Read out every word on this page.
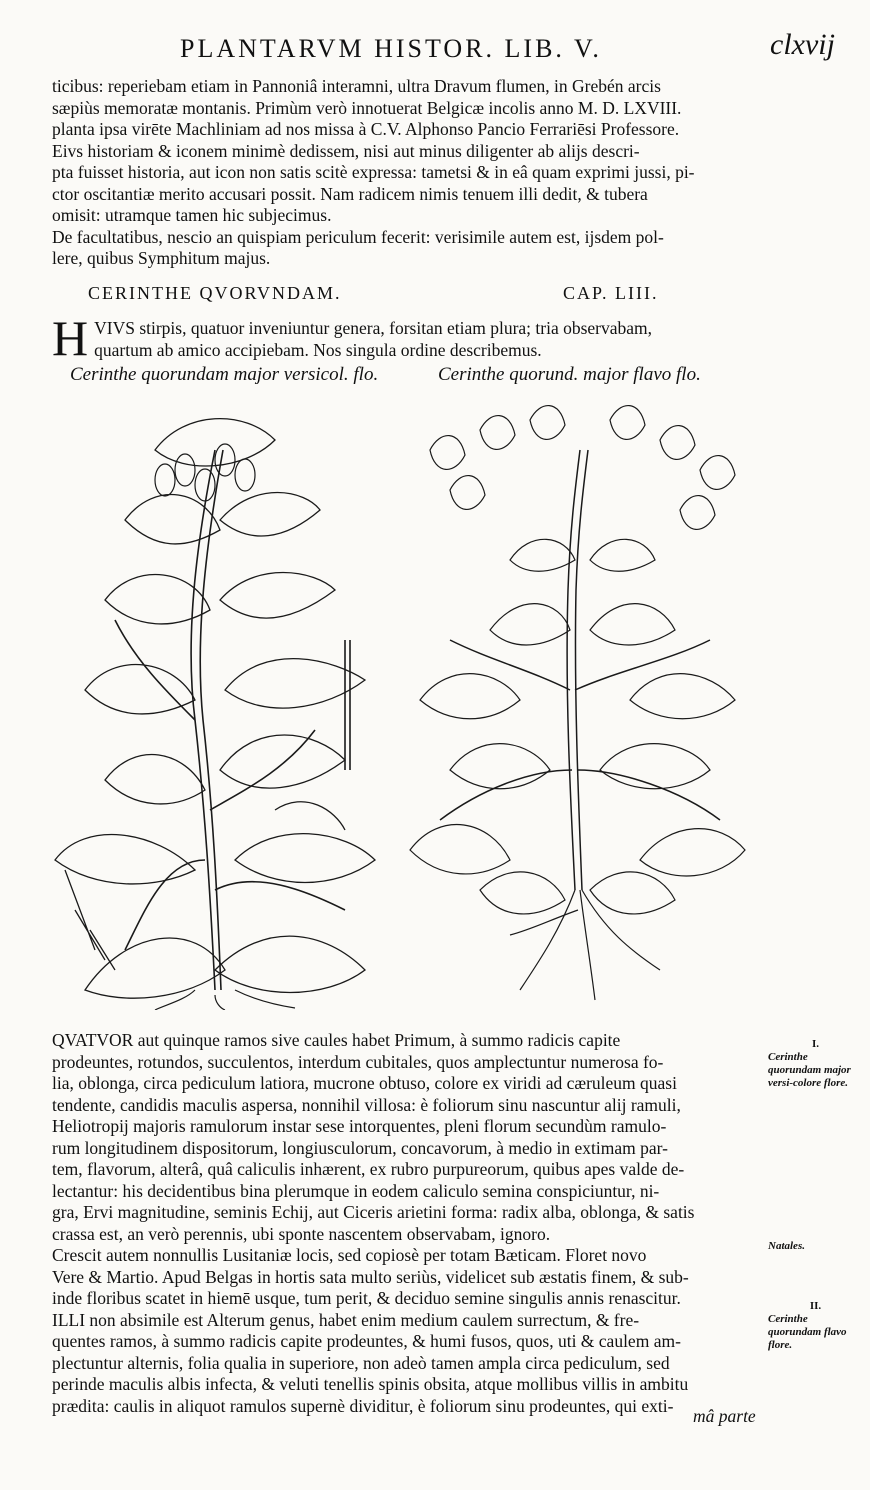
PLANTARVM HISTOR. LIB. V.	clxvij
ticibus: reperiebam etiam in Pannoniâ interamni, ultra Dravum flumen, in Grebén arcis
sæpiùs memoratæ montanis. Primùm verò innotuerat Belgicæ incolis anno M. D. LXVIII.
planta ipsa virēte Machliniam ad nos missa à C.V. Alphonso Pancio Ferrariēsi Professore.
Eivs historiam & iconem minimè dedissem, nisi aut minus diligenter ab alijs descri-
pta fuisset historia, aut icon non satis scitè expressa: tametsi & in eâ quam exprimi jussi, pi-
ctor oscitantiæ merito accusari possit. Nam radicem nimis tenuem illi dedit, & tubera
omisit: utramque tamen hic subjecimus.
De facultatibus, nescio an quispiam periculum fecerit: verisimile autem est, ijsdem pol-
lere, quibus Symphitum majus.
CERINTHE QVORVNDAM.	CAP. LIII.
H VIVS stirpis, quatuor inveniuntur genera, forsitan etiam plura; tria observabam,
quartum ab amico accipiebam. Nos singula ordine describemus.
Cerinthe quorundam major versicol. flo.	Cerinthe quorund. major flavo flo.
QVATVOR aut quinque ramos sive caules habet Primum, à summo radicis capite
prodeuntes, rotundos, succulentos, interdum cubitales, quos amplectuntur numerosa fo-
lia, oblonga, circa pediculum latiora, mucrone obtuso, colore ex viridi ad cæruleum quasi
tendente, candidis maculis aspersa, nonnihil villosa: è foliorum sinu nascuntur alij ramuli,
Heliotropij majoris ramulorum instar sese intorquentes, pleni florum secundùm ramulo-
rum longitudinem dispositorum, longiusculorum, concavorum, à medio in extimam par-
tem, flavorum, alterâ, quâ caliculis inhærent, ex rubro purpureorum, quibus apes valde de-
lectantur: his decidentibus bina plerumque in eodem caliculo semina conspiciuntur, ni-
gra, Ervi magnitudine, seminis Echij, aut Ciceris arietini forma: radix alba, oblonga, & satis
crassa est, an verò perennis, ubi sponte nascentem observabam, ignoro.
Crescit autem nonnullis Lusitaniæ locis, sed copiosè per totam Bæticam. Floret novo
Vere & Martio. Apud Belgas in hortis sata multo seriùs, videlicet sub æstatis finem, & sub-
inde floribus scatet in hiemē usque, tum perit, & deciduo semine singulis annis renascitur.
ILLI non absimile est Alterum genus, habet enim medium caulem surrectum, & fre-
quentes ramos, à summo radicis capite prodeuntes, & humi fusos, quos, uti & caulem am-
plectuntur alternis, folia qualia in superiore, non adeò tamen ampla circa pediculum, sed
perinde maculis albis infecta, & veluti tenellis spinis obsita, atque mollibus villis in ambitu
prædita: caulis in aliquot ramulos supernè dividitur, è foliorum sinu prodeuntes, qui exti-
mâ parte
I.
Cerinthe quorundam major versi-colore flore.
Natales.
II.
Cerinthe quorundam flavo flore.
